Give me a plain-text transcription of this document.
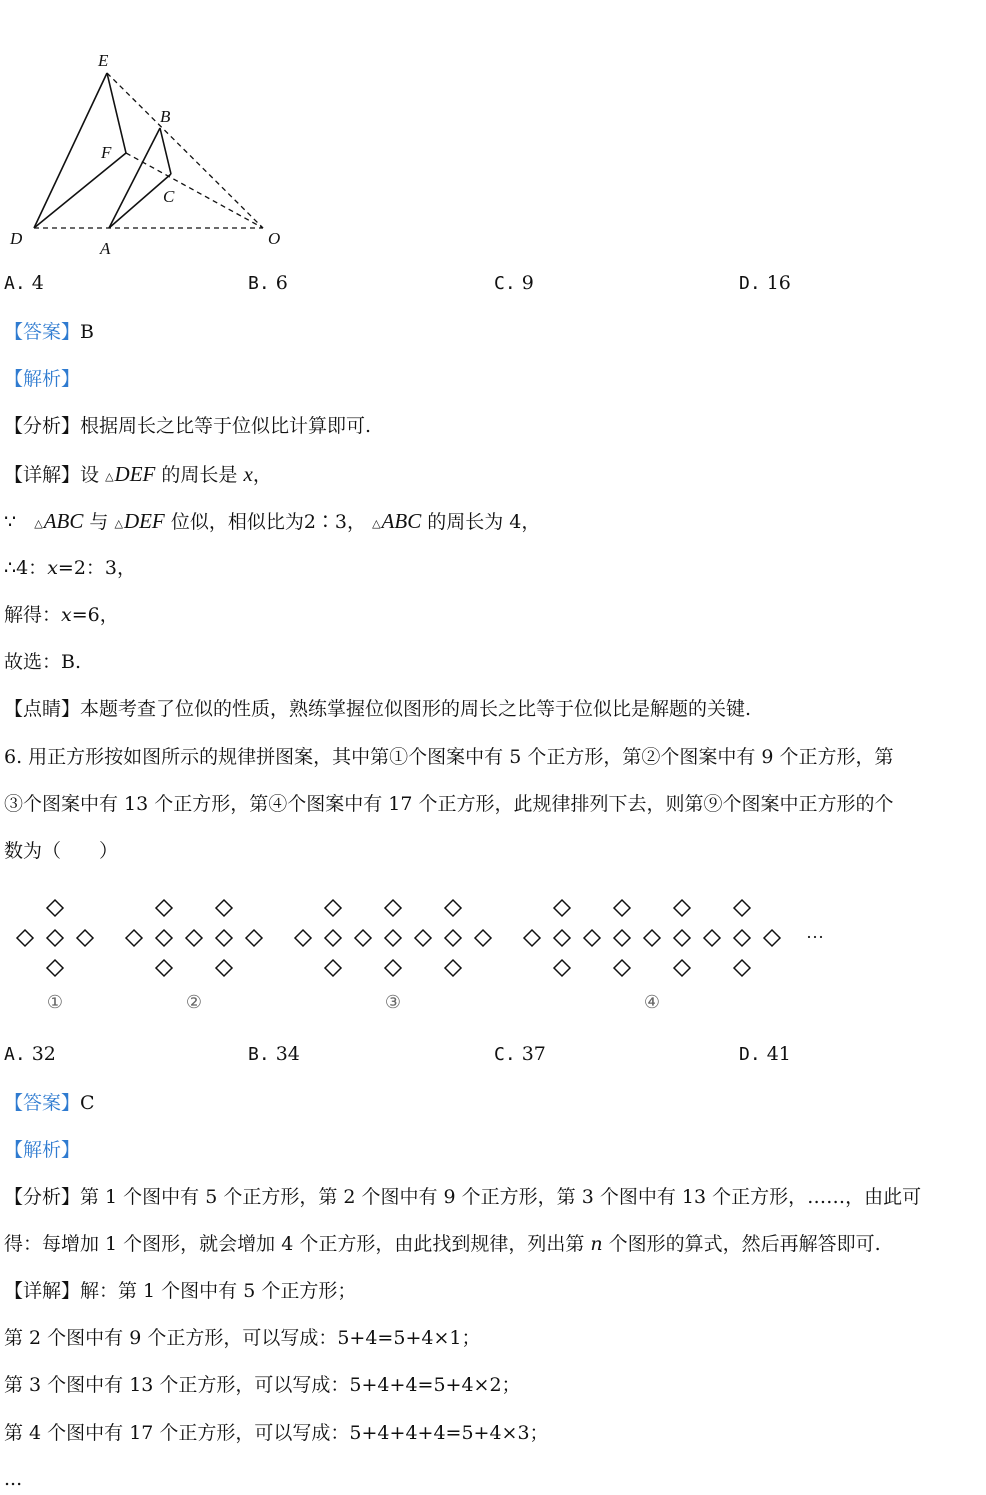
E
B
F
C
D
A
O
A. 4	B. 6	C. 9	D. 16
【答案】B
【解析】
【分析】根据周长之比等于位似比计算即可.
【详解】设 △DEF 的周长是 x，
∵ △ABC 与 △DEF 位似，相似比为2∶3， △ABC 的周长为 4，
∴4：x=2：3，
解得：x=6，
故选：B.
【点睛】本题考查了位似的性质，熟练掌握位似图形的周长之比等于位似比是解题的关键.
6. 用正方形按如图所示的规律拼图案，其中第①个图案中有 5 个正方形，第②个图案中有 9 个正方形，第
③个图案中有 13 个正方形，第④个图案中有 17 个正方形，此规律排列下去，则第⑨个图案中正方形的个
数为（　　）
···
①	②	③	④
A. 32	B. 34	C. 37	D. 41
【答案】C
【解析】
【分析】第 1 个图中有 5 个正方形，第 2 个图中有 9 个正方形，第 3 个图中有 13 个正方形，……，由此可
得：每增加 1 个图形，就会增加 4 个正方形，由此找到规律，列出第 n 个图形的算式，然后再解答即可.
【详解】解：第 1 个图中有 5 个正方形；
第 2 个图中有 9 个正方形，可以写成：5+4=5+4×1；
第 3 个图中有 13 个正方形，可以写成：5+4+4=5+4×2；
第 4 个图中有 17 个正方形，可以写成：5+4+4+4=5+4×3；
...
